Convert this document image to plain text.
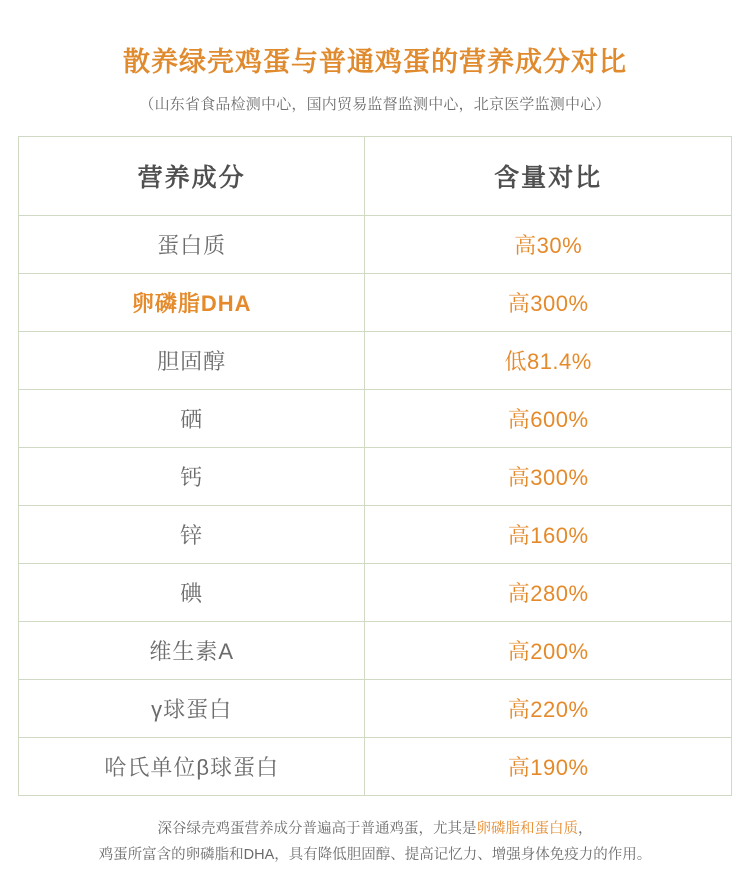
散养绿壳鸡蛋与普通鸡蛋的营养成分对比
（山东省食品检测中心，国内贸易监督监测中心，北京医学监测中心）
营养成分	含量对比
蛋白质	高30%
卵磷脂DHA	高300%
胆固醇	低81.4%
硒	高600%
钙	高300%
锌	高160%
碘	高280%
维生素A	高200%
γ球蛋白	高220%
哈氏单位β球蛋白	高190%
深谷绿壳鸡蛋营养成分普遍高于普通鸡蛋，尤其是卵磷脂和蛋白质，
鸡蛋所富含的卵磷脂和DHA，具有降低胆固醇、提高记忆力、增强身体免疫力的作用。
